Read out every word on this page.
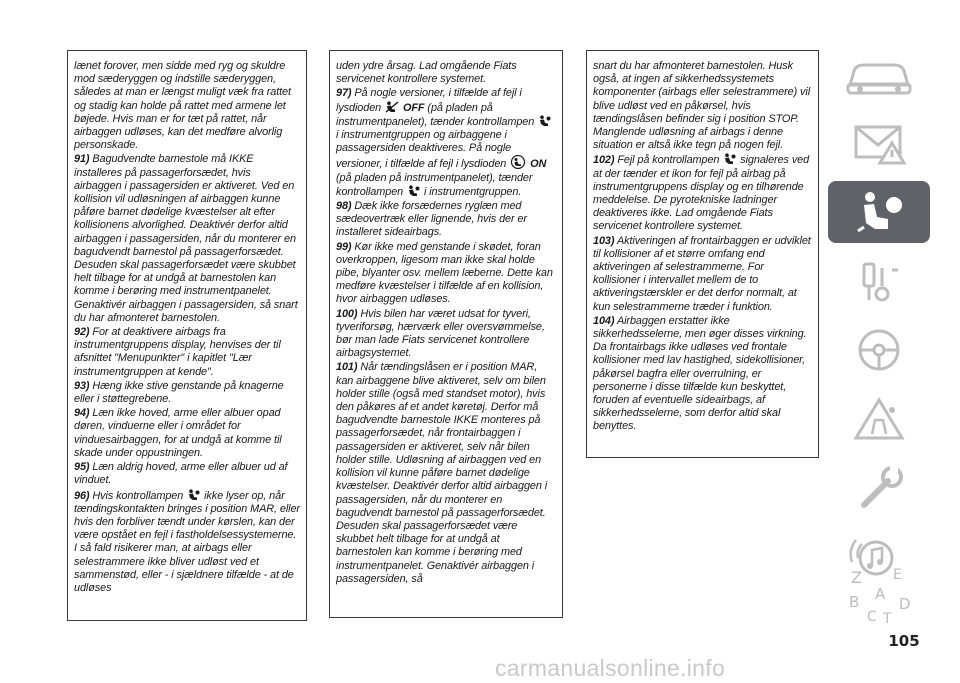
lænet forover, men sidde med ryg og skuldre mod sæderyggen og indstille sæderyggen, således at man er længst muligt væk fra rattet og stadig kan holde på rattet med armene let bøjede. Hvis man er for tæt på rattet, når airbaggen udløses, kan det medføre alvorlig personskade.

91) Bagudvendte barnestole må IKKE installeres på passagerforsædet, hvis airbaggen i passagersiden er aktiveret. Ved en kollision vil udløsningen af airbaggen kunne påføre barnet dødelige kvæstelser alt efter kollisionens alvorlighed. Deaktivér derfor altid airbaggen i passagersiden, når du monterer en bagudvendt barnestol på passagerforsædet. Desuden skal passagerforsædet være skubbet helt tilbage for at undgå at barnestolen kan komme i berøring med instrumentpanelet. Genaktivér airbaggen i passagersiden, så snart du har afmonteret barnestolen.

92) For at deaktivere airbags fra instrumentgruppens display, henvises der til afsnittet "Menupunkter" i kapitlet "Lær instrumentgruppen at kende".

93) Hæng ikke stive genstande på knagerne eller i støttegrebene.

94) Læn ikke hoved, arme eller albuer opad døren, vinduerne eller i området for vinduesairbaggen, for at undgå at komme til skade under oppustningen.

95) Læn aldrig hoved, arme eller albuer ud af vinduet.

96) Hvis kontrollampen ikke lyser op, når tændingskontakten bringes i position MAR, eller hvis den forbliver tændt under kørslen, kan der være opstået en fejl i fastholdelsessystemerne. I så fald risikerer man, at airbags eller selestrammere ikke bliver udløst ved et sammenstød, eller - i sjældnere tilfælde - at de udløses

uden ydre årsag. Lad omgående Fiats servicenet kontrollere systemet.

97) På nogle versioner, i tilfælde af fejl i lysdioden OFF (på pladen på instrumentpanelet), tænder kontrollampen  i instrumentgruppen og airbaggene i passagersiden deaktiveres. På nogle versioner, i tilfælde af fejl i lysdioden ON (på pladen på instrumentpanelet), tænder kontrollampen i instrumentgruppen.

98) Dæk ikke forsædernes ryglæn med sædeovertræk eller lignende, hvis der er installeret sideairbags.

99) Kør ikke med genstande i skødet, foran overkroppen, ligesom man ikke skal holde pibe, blyanter osv. mellem læberne. Dette kan medføre kvæstelser i tilfælde af en kollision, hvor airbaggen udløses.

100) Hvis bilen har været udsat for tyveri, tyveriforsøg, hærværk eller oversvømmelse, bør man lade Fiats servicenet kontrollere airbagsystemet.

101) Når tændingslåsen er i position MAR, kan airbaggene blive aktiveret, selv om bilen holder stille (også med standset motor), hvis den påkøres af et andet køretøj. Derfor må bagudvendte barnestole IKKE monteres på passagerforsædet, når frontairbaggen i passagersiden er aktiveret, selv når bilen holder stille. Udløsning af airbaggen ved en kollision vil kunne påføre barnet dødelige kvæstelser. Deaktivér derfor altid airbaggen i passagersiden, når du monterer en bagudvendt barnestol på passagerforsædet. Desuden skal passagerforsædet være skubbet helt tilbage for at undgå at barnestolen kan komme i berøring med instrumentpanelet. Genaktivér airbaggen i passagersiden, så

snart du har afmonteret barnestolen. Husk også, at ingen af sikkerhedssystemets komponenter (airbags eller selestrammere) vil blive udløst ved en påkørsel, hvis tændingslåsen befinder sig i position STOP. Manglende udløsning af airbags i denne situation er altså ikke tegn på nogen fejl.

102) Fejl på kontrollampen signaleres ved at der tænder et ikon for fejl på airbag på instrumentgruppens display og en tilhørende meddelelse. De pyrotekniske ladninger deaktiveres ikke. Lad omgående Fiats servicenet kontrollere systemet.

103) Aktiveringen af frontairbaggen er udviklet til kollisioner af et større omfang end aktiveringen af selestrammerne. For kollisioner i intervallet mellem de to aktiveringstærskler er det derfor normalt, at kun selestrammerne træder i funktion.

104) Airbaggen erstatter ikke sikkerhedsselerne, men øger disses virkning. Da frontairbags ikke udløses ved frontale kollisioner med lav hastighed, sidekollisioner, påkørsel bagfra eller overrulning, er personerne i disse tilfælde kun beskyttet, foruden af eventuelle sideairbags, af sikkerhedsselerne, som derfor altid skal benyttes.

Z E
B A
C T
D
105
carmanualsonline.info
